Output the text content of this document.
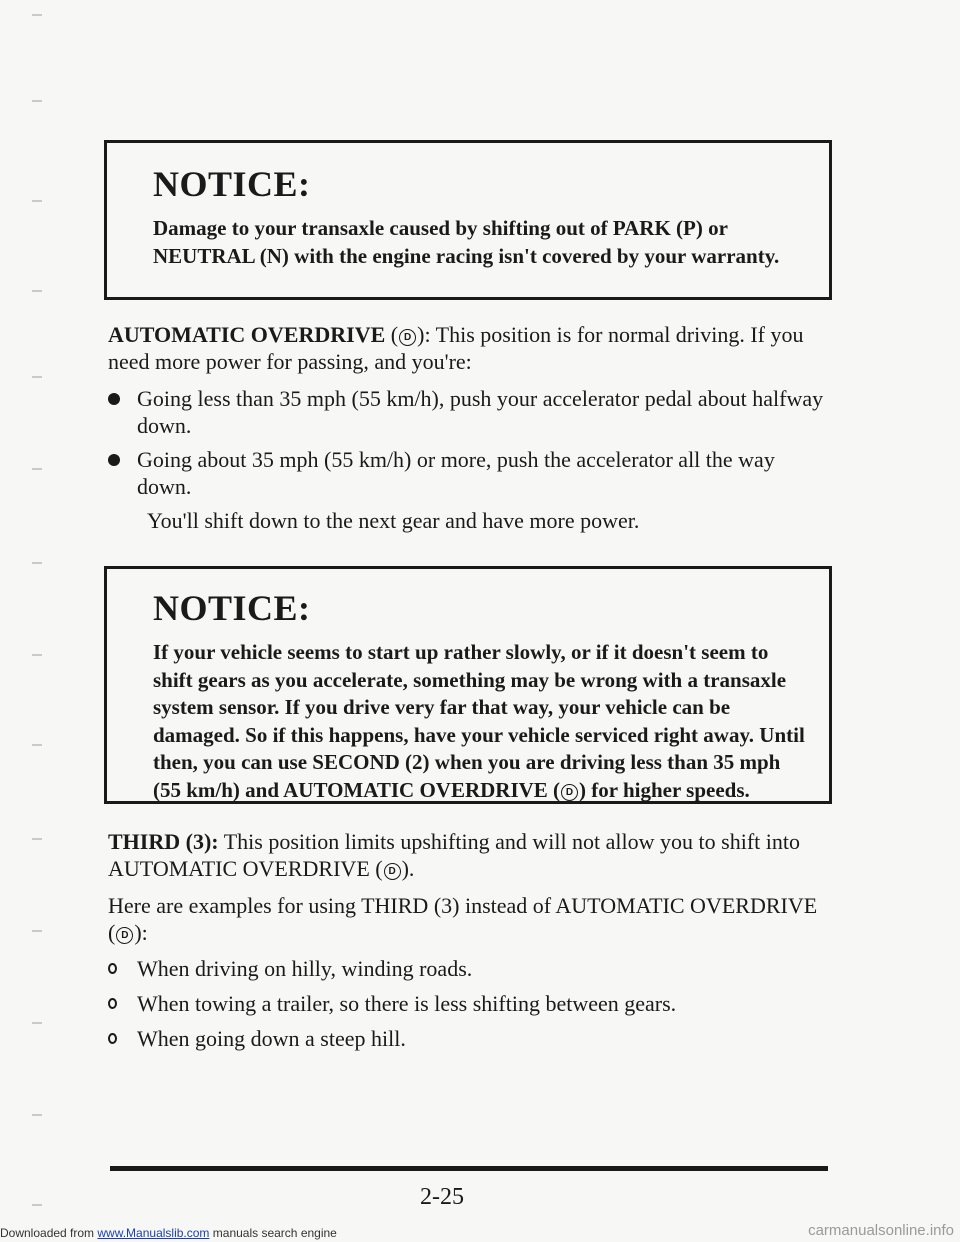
NOTICE:
Damage to your transaxle caused by shifting out of PARK (P) or NEUTRAL (N) with the engine racing isn't covered by your warranty.
AUTOMATIC OVERDRIVE ( D ): This position is for normal driving. If you need more power for passing, and you're:
Going less than 35 mph (55 km/h), push your accelerator pedal about halfway down.
Going about 35 mph (55 km/h) or more, push the accelerator all the way down.
You'll shift down to the next gear and have more power.
NOTICE:
If your vehicle seems to start up rather slowly, or if it doesn't seem to shift gears as you accelerate, something may be wrong with a transaxle system sensor. If you drive very far that way, your vehicle can be damaged. So if this happens, have your vehicle serviced right away. Until then, you can use SECOND (2) when you are driving less than 35 mph (55 km/h) and AUTOMATIC OVERDRIVE ( D ) for higher speeds.
THIRD (3): This position limits upshifting and will not allow you to shift into AUTOMATIC OVERDRIVE ( D ).
Here are examples for using THIRD (3) instead of AUTOMATIC OVERDRIVE ( D ):
When driving on hilly, winding roads.
When towing a trailer, so there is less shifting between gears.
When going down a steep hill.
2-25
Downloaded from www.Manualslib.com manuals search engine	carmanualsonline.info
